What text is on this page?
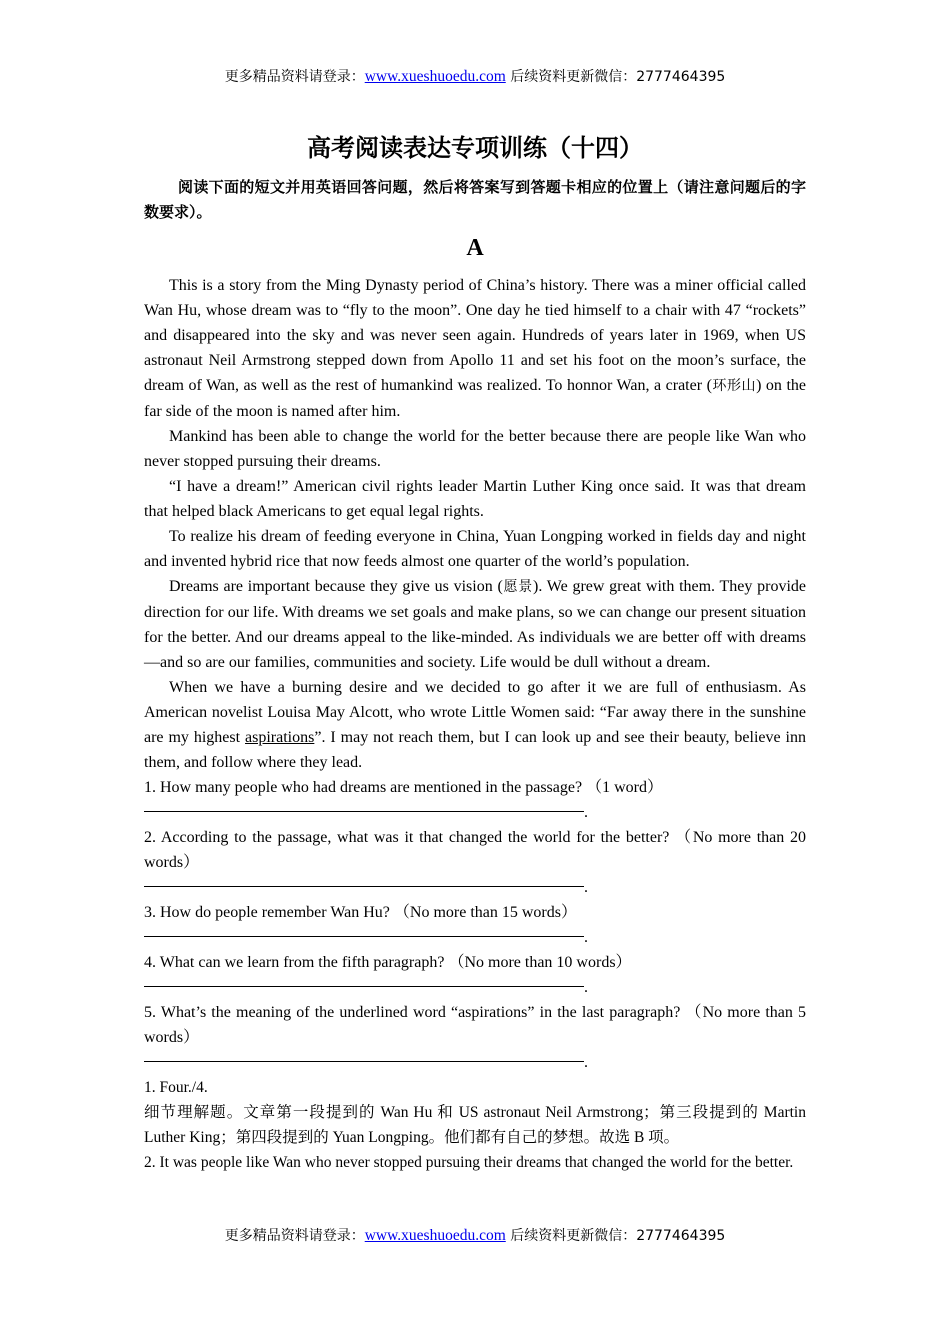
更多精品资料请登录：www.xueshuoedu.com 后续资料更新微信：2777464395
高考阅读表达专项训练（十四）
阅读下面的短文并用英语回答问题，然后将答案写到答题卡相应的位置上（请注意问题后的字数要求）。
A

This is a story from the Ming Dynasty period of China’s history. There was a miner official called Wan Hu, whose dream was to “fly to the moon”. One day he tied himself to a chair with 47 “rockets” and disappeared into the sky and was never seen again. Hundreds of years later in 1969, when US astronaut Neil Armstrong stepped down from Apollo 11 and set his foot on the moon’s surface, the dream of Wan, as well as the rest of humankind was realized. To honnor Wan, a crater (环形山) on the far side of the moon is named after him.

Mankind has been able to change the world for the better because there are people like Wan who never stopped pursuing their dreams.

“I have a dream!” American civil rights leader Martin Luther King once said. It was that dream that helped black Americans to get equal legal rights.

To realize his dream of feeding everyone in China, Yuan Longping worked in fields day and night and invented hybrid rice that now feeds almost one quarter of the world’s population.

Dreams are important because they give us vision (愿景). We grew great with them. They provide direction for our life. With dreams we set goals and make plans, so we can change our present situation for the better. And our dreams appeal to the like-minded. As individuals we are better off with dreams—and so are our families, communities and society. Life would be dull without a dream.

When we have a burning desire and we decided to go after it we are full of enthusiasm. As American novelist Louisa May Alcott, who wrote Little Women said: “Far away there in the sunshine are my highest aspirations”. I may not reach them, but I can look up and see their beauty, believe inn them, and follow where they lead.

1. How many people who had dreams are mentioned in the passage? （1 word）

.

2. According to the passage, what was it that changed the world for the better? （No more than 20 words）

.

3. How do people remember Wan Hu? （No more than 15 words）

.

4. What can we learn from the fifth paragraph? （No more than 10 words）

.

5. What’s the meaning of the underlined word “aspirations” in the last paragraph? （No more than 5 words）

.

1. Four./4.

细节理解题。文章第一段提到的 Wan Hu 和 US astronaut Neil Armstrong；第三段提到的 Martin Luther King；第四段提到的 Yuan Longping。他们都有自己的梦想。故选 B 项。

2. It was people like Wan who never stopped pursuing their dreams that changed the world for the better.

更多精品资料请登录：www.xueshuoedu.com 后续资料更新微信：2777464395
